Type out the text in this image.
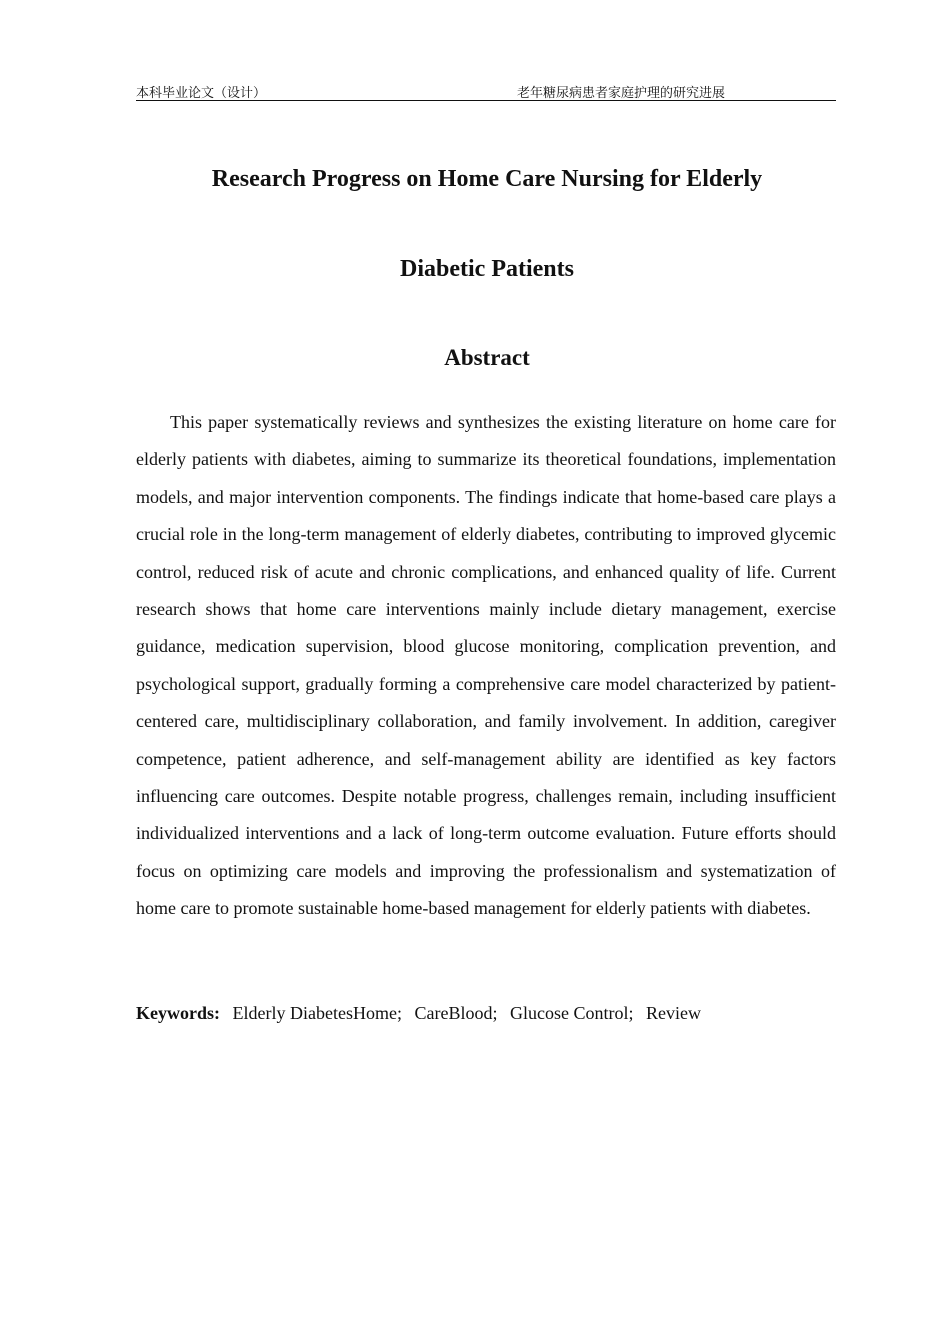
本科毕业论文（设计）	老年糖尿病患者家庭护理的研究进展
Research Progress on Home Care Nursing for Elderly
Diabetic Patients
Abstract

This paper systematically reviews and synthesizes the existing literature on home care for elderly patients with diabetes, aiming to summarize its theoretical foundations, implementation models, and major intervention components. The findings indicate that home-based care plays a crucial role in the long-term management of elderly diabetes, contributing to improved glycemic control, reduced risk of acute and chronic complications, and enhanced quality of life. Current research shows that home care interventions mainly include dietary management, exercise guidance, medication supervision, blood glucose monitoring, complication prevention, and psychological support, gradually forming a comprehensive care model characterized by patient-centered care, multidisciplinary collaboration, and family involvement. In addition, caregiver competence, patient adherence, and self-management ability are identified as key factors influencing care outcomes. Despite notable progress, challenges remain, including insufficient individualized interventions and a lack of long-term outcome evaluation. Future efforts should focus on optimizing care models and improving the professionalism and systematization of home care to promote sustainable home-based management for elderly patients with diabetes.

Keywords: Elderly DiabetesHome; CareBlood; Glucose Control; Review
